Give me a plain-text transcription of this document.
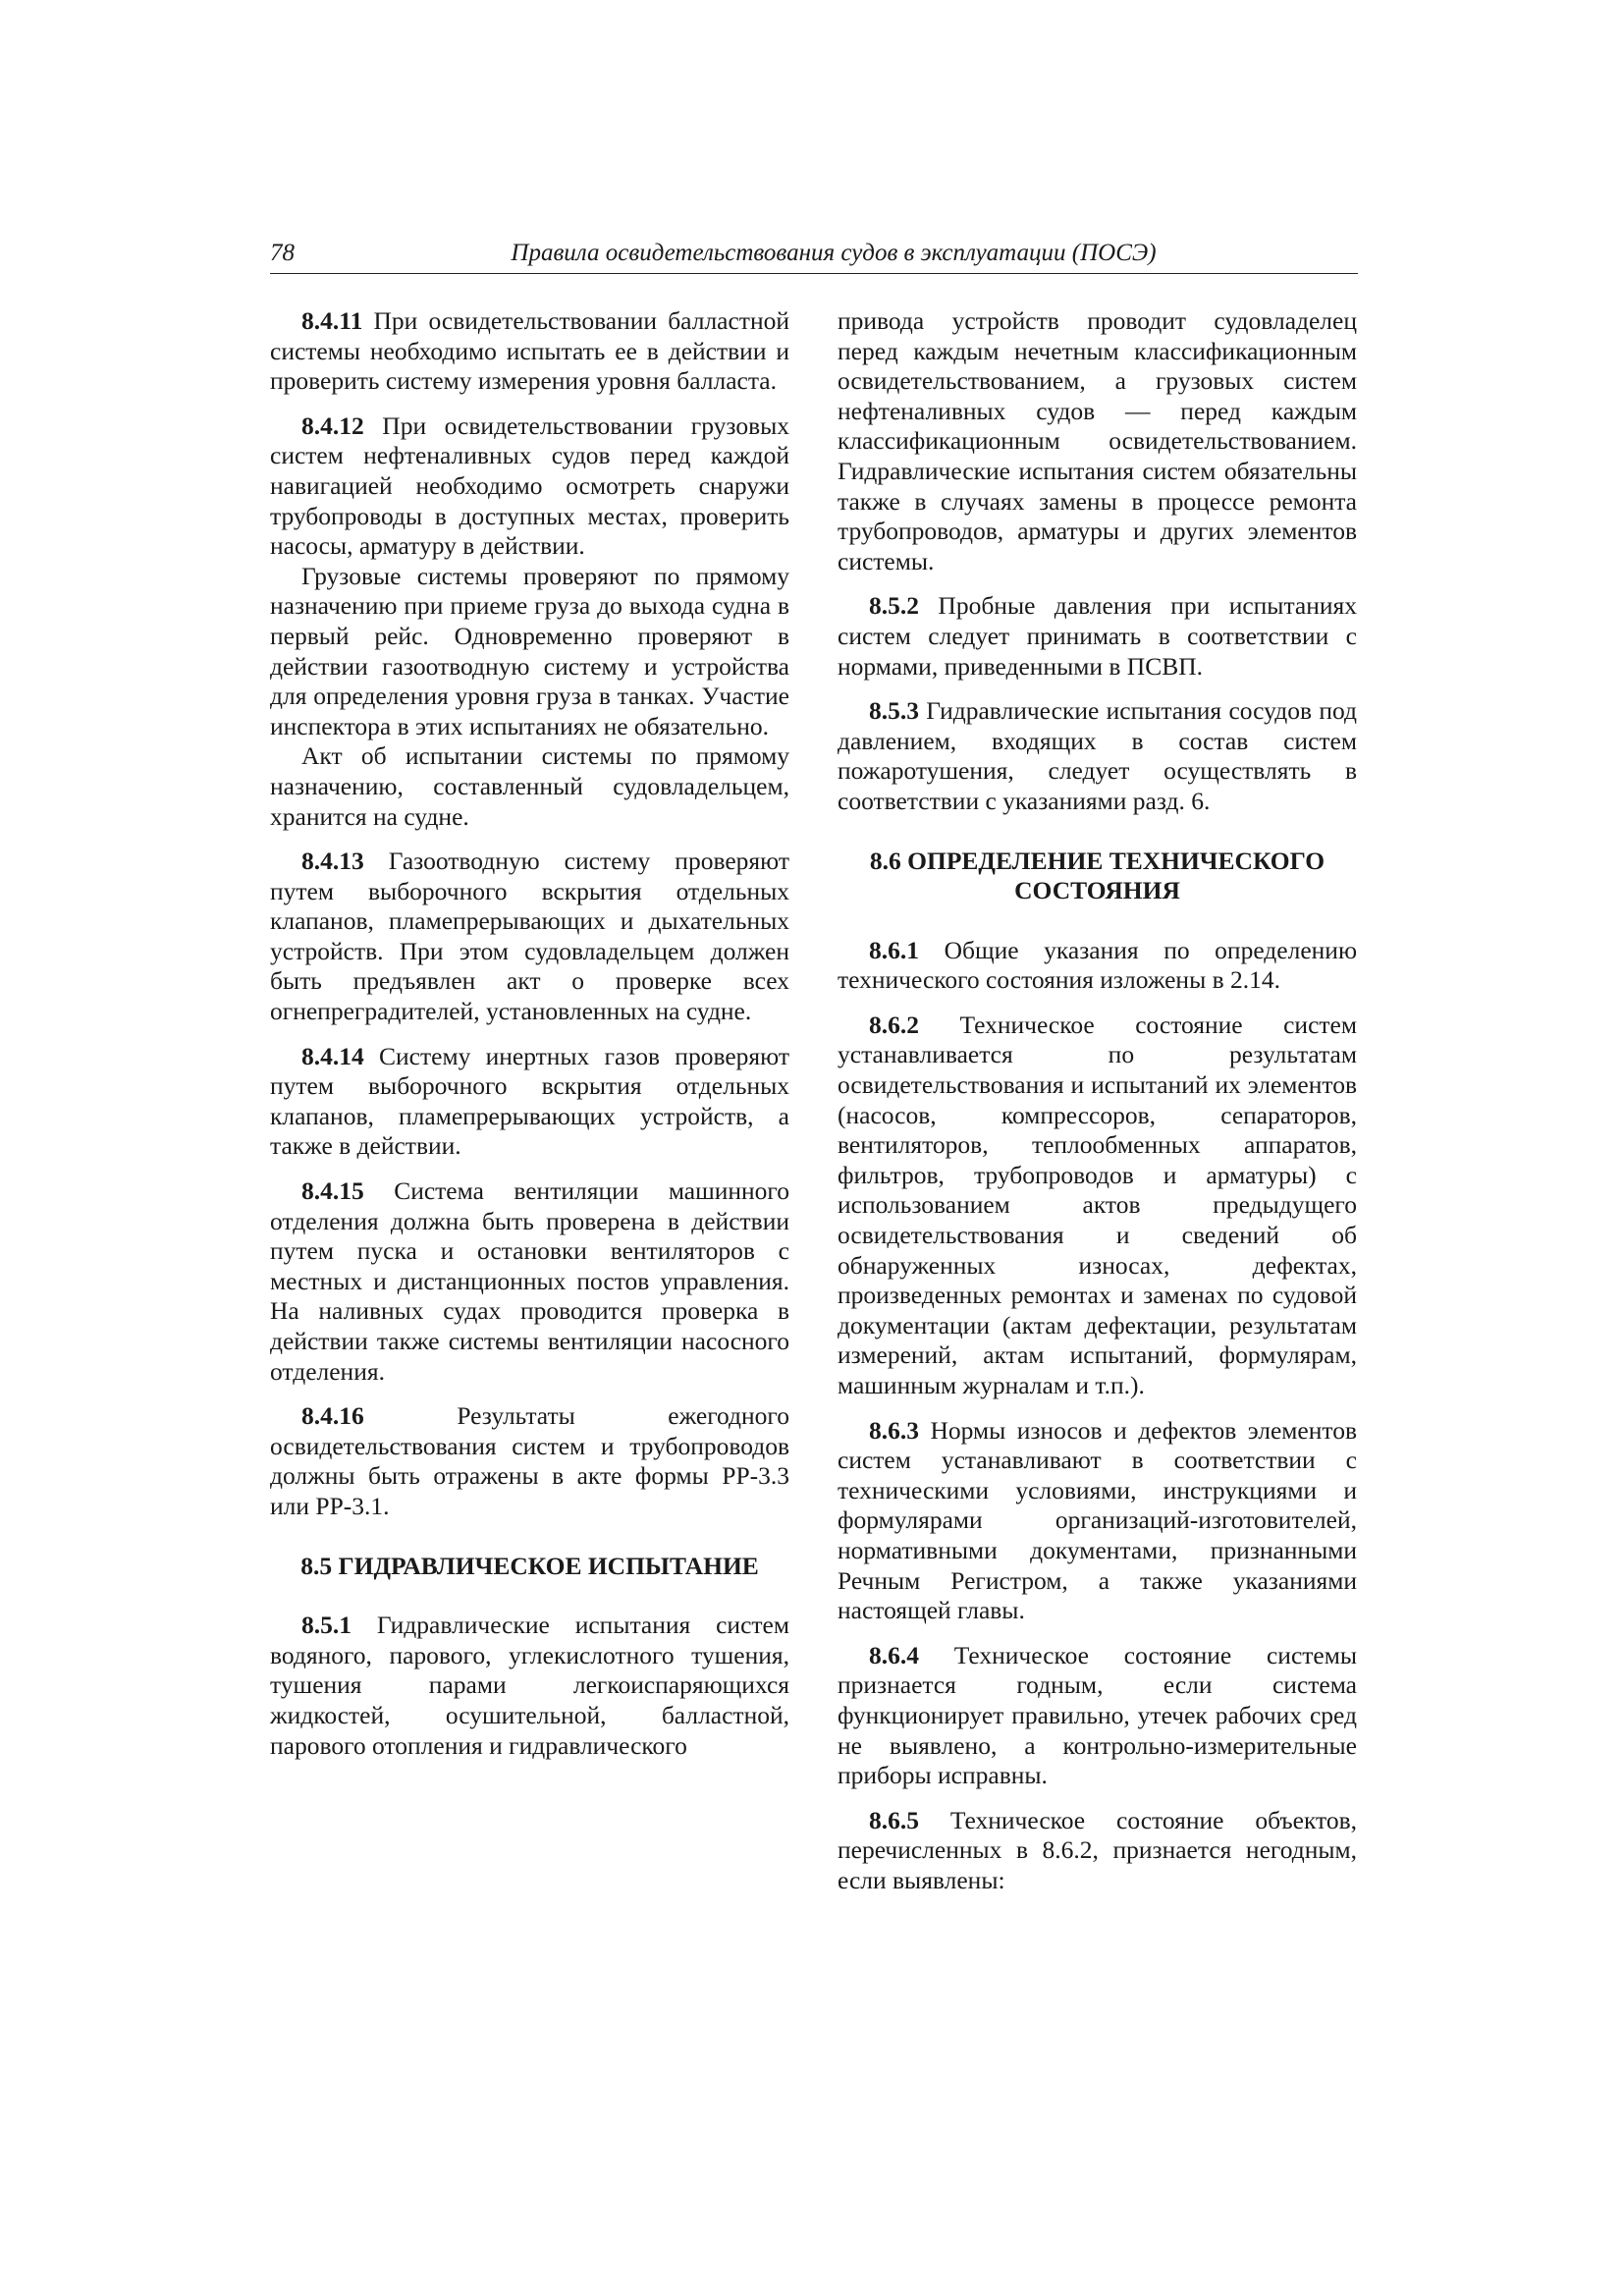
78	Правила освидетельствования судов в эксплуатации (ПОСЭ)

8.4.11 При освидетельствовании балластной системы необходимо испытать ее в действии и проверить систему измерения уровня балласта.

8.4.12 При освидетельствовании грузовых систем нефтеналивных судов перед каждой навигацией необходимо осмотреть снаружи трубопроводы в доступных местах, проверить насосы, арматуру в действии.

Грузовые системы проверяют по прямому назначению при приеме груза до выхода судна в первый рейс. Одновременно проверяют в действии газоотводную систему и устройства для определения уровня груза в танках. Участие инспектора в этих испытаниях не обязательно.

Акт об испытании системы по прямому назначению, составленный судовладельцем, хранится на судне.

8.4.13 Газоотводную систему проверяют путем выборочного вскрытия отдельных клапанов, пламепрерывающих и дыхательных устройств. При этом судовладельцем должен быть предъявлен акт о проверке всех огнепреградителей, установленных на судне.

8.4.14 Систему инертных газов проверяют путем выборочного вскрытия отдельных клапанов, пламепрерывающих устройств, а также в действии.

8.4.15 Система вентиляции машинного отделения должна быть проверена в действии путем пуска и остановки вентиляторов с местных и дистанционных постов управления. На наливных судах проводится проверка в действии также системы вентиляции насосного отделения.

8.4.16 Результаты ежегодного освидетельствования систем и трубопроводов должны быть отражены в акте формы РР-3.3 или РР-3.1.

8.5 ГИДРАВЛИЧЕСКОЕ ИСПЫТАНИЕ

8.5.1 Гидравлические испытания систем водяного, парового, углекислотного тушения, тушения парами легкоиспаряющихся жидкостей, осушительной, балластной, парового отопления и гидравлического

привода устройств проводит судовладелец перед каждым нечетным классификационным освидетельствованием, а грузовых систем нефтеналивных судов — перед каждым классификационным освидетельствованием. Гидравлические испытания систем обязательны также в случаях замены в процессе ремонта трубопроводов, арматуры и других элементов системы.

8.5.2 Пробные давления при испытаниях систем следует принимать в соответствии с нормами, приведенными в ПСВП.

8.5.3 Гидравлические испытания сосудов под давлением, входящих в состав систем пожаротушения, следует осуществлять в соответствии с указаниями разд. 6.

8.6 ОПРЕДЕЛЕНИЕ ТЕХНИЧЕСКОГО СОСТОЯНИЯ

8.6.1 Общие указания по определению технического состояния изложены в 2.14.

8.6.2 Техническое состояние систем устанавливается по результатам освидетельствования и испытаний их элементов (насосов, компрессоров, сепараторов, вентиляторов, теплообменных аппаратов, фильтров, трубопроводов и арматуры) с использованием актов предыдущего освидетельствования и сведений об обнаруженных износах, дефектах, произведенных ремонтах и заменах по судовой документации (актам дефектации, результатам измерений, актам испытаний, формулярам, машинным журналам и т.п.).

8.6.3 Нормы износов и дефектов элементов систем устанавливают в соответствии с техническими условиями, инструкциями и формулярами организаций-изготовителей, нормативными документами, признанными Речным Регистром, а также указаниями настоящей главы.

8.6.4 Техническое состояние системы признается годным, если система функционирует правильно, утечек рабочих сред не выявлено, а контрольно-измерительные приборы исправны.

8.6.5 Техническое состояние объектов, перечисленных в 8.6.2, признается негодным, если выявлены:
